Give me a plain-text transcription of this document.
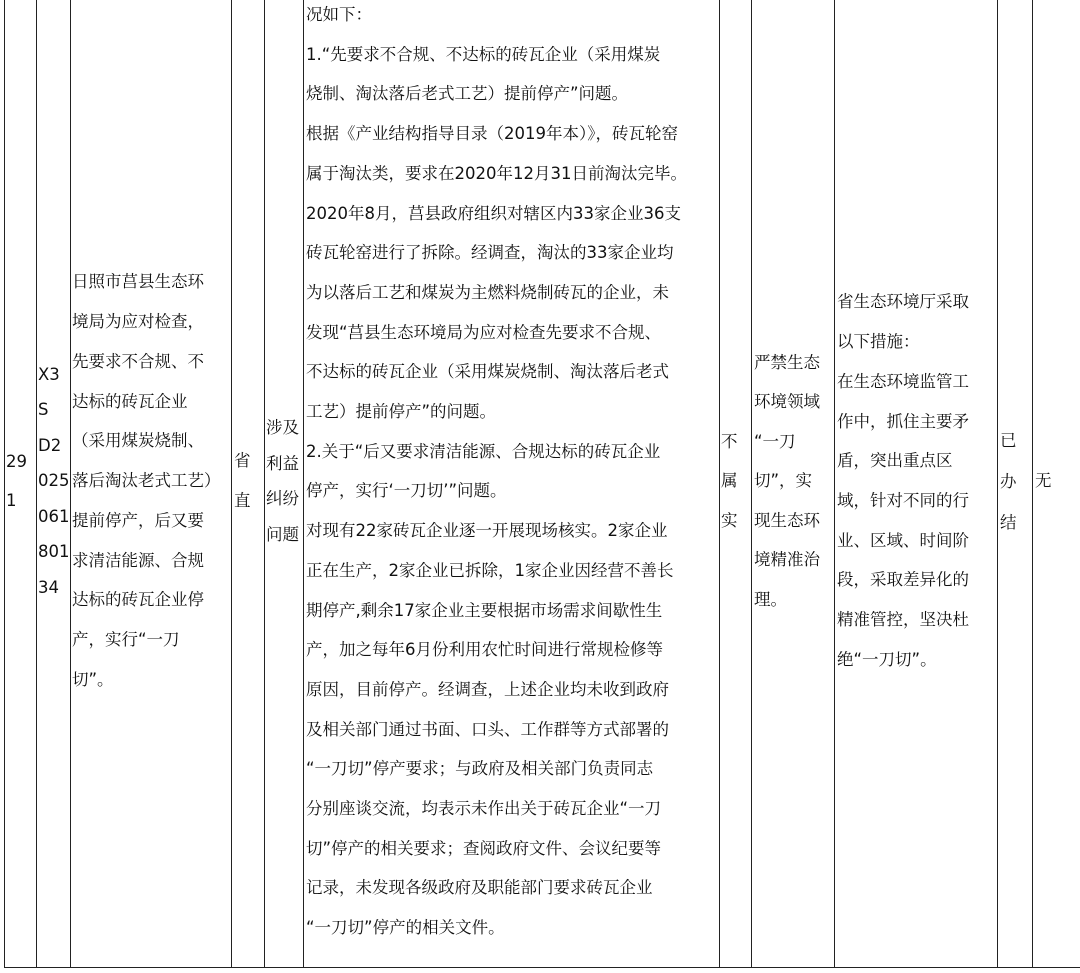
29
1

X3S
D2
025
061
801
34

日照市莒县生态环
境局为应对检查，
先要求不合规、不
达标的砖瓦企业
（采用煤炭烧制、
落后淘汰老式工艺）
提前停产，后又要
求清洁能源、合规
达标的砖瓦企业停
产，实行“一刀
切”。

省
直

涉及
利益
纠纷
问题

况如下：
1.“先要求不合规、不达标的砖瓦企业（采用煤炭
烧制、淘汰落后老式工艺）提前停产”问题。
根据《产业结构指导目录（2019年本）》，砖瓦轮窑
属于淘汰类，要求在2020年12月31日前淘汰完毕。
2020年8月，莒县政府组织对辖区内33家企业36支
砖瓦轮窑进行了拆除。经调查，淘汰的33家企业均
为以落后工艺和煤炭为主燃料烧制砖瓦的企业，未
发现“莒县生态环境局为应对检查先要求不合规、
不达标的砖瓦企业（采用煤炭烧制、淘汰落后老式
工艺）提前停产”的问题。
2.关于“后又要求清洁能源、合规达标的砖瓦企业
停产，实行‘一刀切’”问题。
对现有22家砖瓦企业逐一开展现场核实。2家企业
正在生产，2家企业已拆除，1家企业因经营不善长
期停产,剩余17家企业主要根据市场需求间歇性生
产，加之每年6月份利用农忙时间进行常规检修等
原因，目前停产。经调查，上述企业均未收到政府
及相关部门通过书面、口头、工作群等方式部署的
“一刀切”停产要求；与政府及相关部门负责同志
分别座谈交流，均表示未作出关于砖瓦企业“一刀
切”停产的相关要求；查阅政府文件、会议纪要等
记录，未发现各级政府及职能部门要求砖瓦企业
“一刀切”停产的相关文件。

不
属
实

严禁生态
环境领域
“一刀
切”，实
现生态环
境精准治
理。

省生态环境厅采取
以下措施：
在生态环境监管工
作中，抓住主要矛
盾，突出重点区
域，针对不同的行
业、区域、时间阶
段，采取差异化的
精准管控，坚决杜
绝“一刀切”。

已
办
结

无
